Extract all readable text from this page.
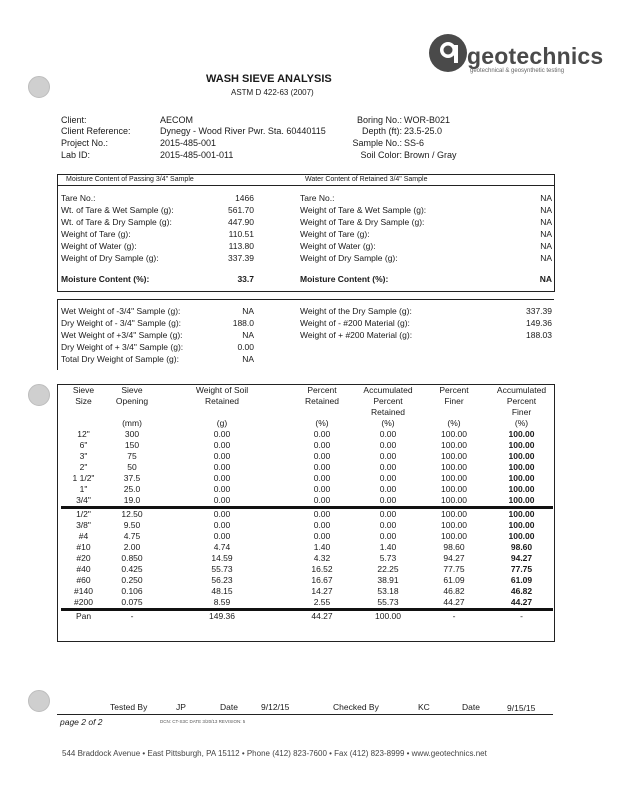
geotechnics
geotechnical & geosynthetic testing
WASH SIEVE ANALYSIS
ASTM D 422-63 (2007)
Client:	AECOM
Client Reference:	Dynegy - Wood River Pwr. Sta. 60440115
Project No.:	2015-485-001
Lab ID:	2015-485-001-011
Boring No.: WOR-B021
Depth (ft): 23.5-25.0
Sample No.: SS-6
Soil Color: Brown / Gray
Moisture Content of Passing 3/4" Sample	Water Content of Retained 3/4" Sample
Tare No.:	1466
Wt. of Tare & Wet Sample (g):	561.70
Wt. of Tare & Dry Sample (g):	447.90
Weight of Tare (g):	110.51
Weight of Water (g):	113.80
Weight of Dry Sample (g):	337.39
Tare No.:	NA
Weight of Tare & Wet Sample (g):	NA
Weight of Tare & Dry Sample (g):	NA
Weight of Tare (g):	NA
Weight of Water (g):	NA
Weight of Dry Sample (g):	NA
Moisture Content (%):	33.7	Moisture Content (%):	NA
Wet Weight of -3/4" Sample (g):	NA
Dry Weight of - 3/4" Sample (g):	188.0
Wet Weight of +3/4" Sample (g):	NA
Dry Weight of + 3/4" Sample (g):	0.00
Total Dry Weight of Sample (g):	NA
Weight of the Dry Sample (g):	337.39
Weight of - #200 Material (g):	149.36
Weight of + #200 Material (g):	188.03
Sieve	Sieve	Weight of Soil	Percent	Accumulated	Percent	Accumulated
Size	Opening	Retained	Retained	Percent	Finer	Percent
				Retained		Finer
	(mm)	(g)	(%)	(%)	(%)	(%)
12"	300	0.00	0.00	0.00	100.00	100.00
6"	150	0.00	0.00	0.00	100.00	100.00
3"	75	0.00	0.00	0.00	100.00	100.00
2"	50	0.00	0.00	0.00	100.00	100.00
1 1/2"	37.5	0.00	0.00	0.00	100.00	100.00
1"	25.0	0.00	0.00	0.00	100.00	100.00
3/4"	19.0	0.00	0.00	0.00	100.00	100.00
1/2"	12.50	0.00	0.00	0.00	100.00	100.00
3/8"	9.50	0.00	0.00	0.00	100.00	100.00
#4	4.75	0.00	0.00	0.00	100.00	100.00
#10	2.00	4.74	1.40	1.40	98.60	98.60
#20	0.850	14.59	4.32	5.73	94.27	94.27
#40	0.425	55.73	16.52	22.25	77.75	77.75
#60	0.250	56.23	16.67	38.91	61.09	61.09
#140	0.106	48.15	14.27	53.18	46.82	46.82
#200	0.075	8.59	2.55	55.73	44.27	44.27
Pan	-	149.36	44.27	100.00	-	-
Tested By	JP	Date	9/12/15	Checked By	KC	Date	9/15/15
page 2 of 2	DCN: CT-S3C DATE 3/20/13 REVISION: 5
544 Braddock Avenue • East Pittsburgh, PA 15112 • Phone (412) 823-7600 • Fax (412) 823-8999 • www.geotechnics.net
